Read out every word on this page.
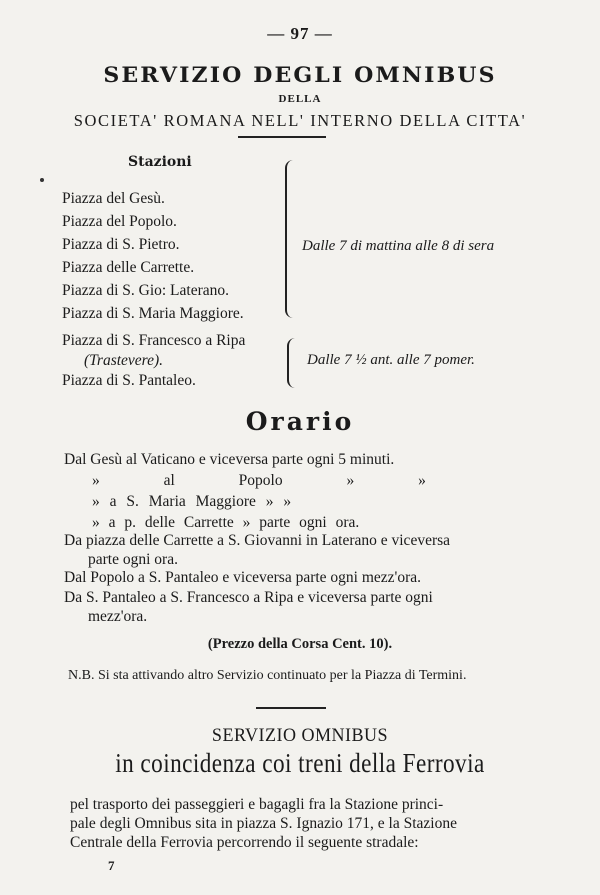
— 97 —
SERVIZIO DEGLI OMNIBUS
DELLA
SOCIETA' ROMANA NELL' INTERNO DELLA CITTA'
Stazioni
Piazza del Gesù.
Piazza del Popolo.
Piazza di S. Pietro.
Piazza delle Carrette.
Piazza di S. Gio: Laterano.
Piazza di S. Maria Maggiore.
Dalle 7 di mattina alle 8 di sera
Piazza di S. Francesco a Ripa
(Trastevere).
Piazza di S. Pantaleo.
Dalle 7 ½ ant. alle 7 pomer.
Orario
Dal Gesù al Vaticano e viceversa parte ogni 5 minuti.
» al Popolo » »
» a S. Maria Maggiore » »
» a p. delle Carrette » parte ogni ora.
Da piazza delle Carrette a S. Giovanni in Laterano e viceversa
parte ogni ora.
Dal Popolo a S. Pantaleo e viceversa parte ogni mezz'ora.
Da S. Pantaleo a S. Francesco a Ripa e viceversa parte ogni
mezz'ora.
(Prezzo della Corsa Cent. 10).
N.B. Si sta attivando altro Servizio continuato per la Piazza di Termini.
SERVIZIO OMNIBUS
in coincidenza coi treni della Ferrovia
pel trasporto dei passeggieri e bagagli fra la Stazione princi-
pale degli Omnibus sita in piazza S. Ignazio 171, e la Stazione
Centrale della Ferrovia percorrendo il seguente stradale:
7
